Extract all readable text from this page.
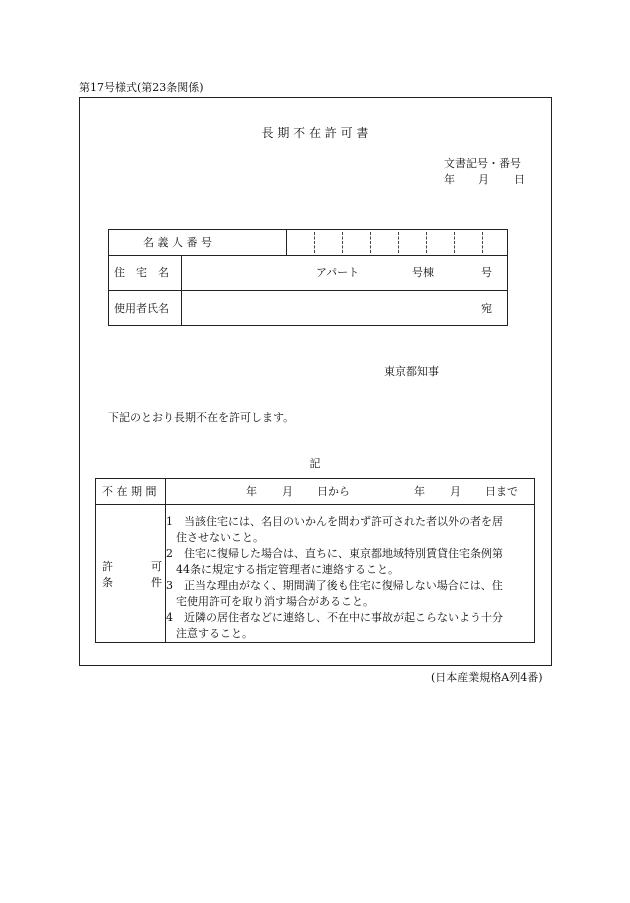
第17号様式(第23条関係)
長 期 不 在 許 可 書
文書記号・番号
年 月 日
名 義 人 番 号
住　宅　名	アパート	号棟	号
使用者氏名	宛
東京都知事
下記のとおり長期不在を許可します。
記
不 在 期 間	年 月 日から	年 月 日まで
許	可
条	件
1　当該住宅には、名目のいかんを問わず許可された者以外の者を居
住させないこと。
2　住宅に復帰した場合は、直ちに、東京都地域特別賃貸住宅条例第
44条に規定する指定管理者に連絡すること。
3　正当な理由がなく、期間満了後も住宅に復帰しない場合には、住
宅使用許可を取り消す場合があること。
4　近隣の居住者などに連絡し、不在中に事故が起こらないよう十分
注意すること。
(日本産業規格A列4番)
